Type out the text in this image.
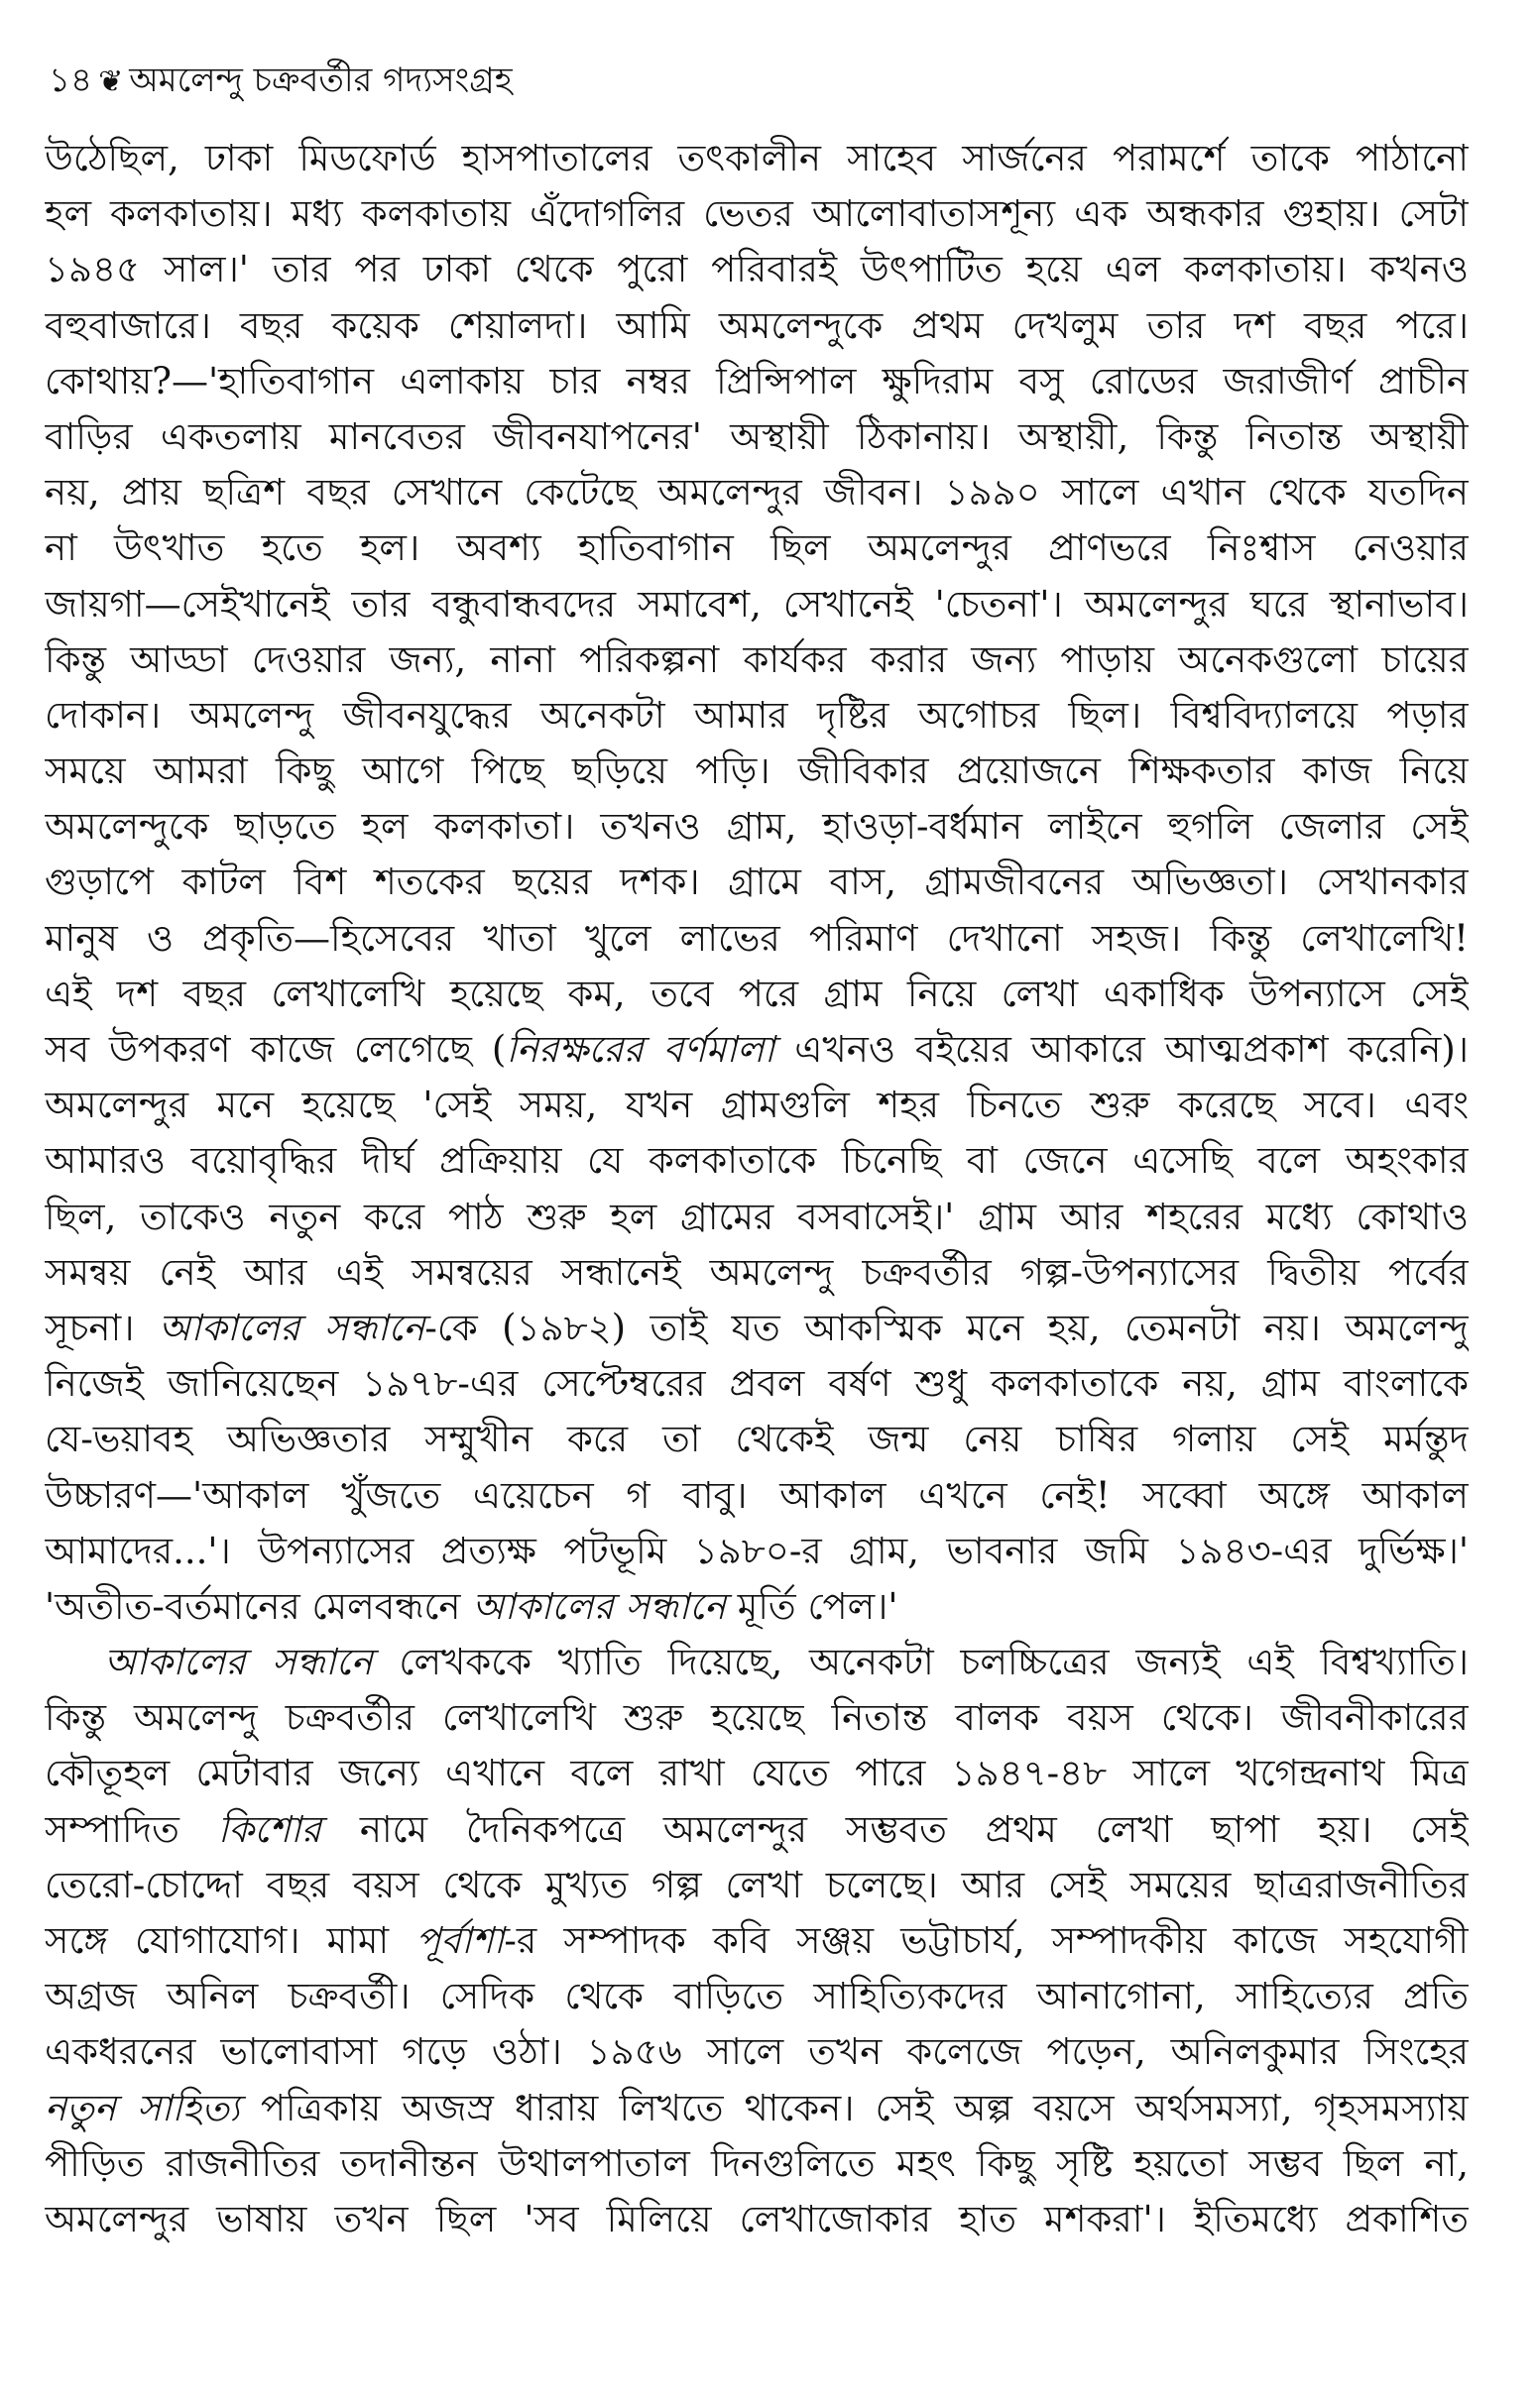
১৪ ❦ অমলেন্দু চক্রবর্তীর গদ্যসংগ্রহ
উঠেছিল, ঢাকা মিডফোর্ড হাসপাতালের তৎকালীন সাহেব সার্জনের পরামর্শে তাকে পাঠানো
হল কলকাতায়। মধ্য কলকাতায় এঁদোগলির ভেতর আলোবাতাসশূন্য এক অন্ধকার গুহায়। সেটা
১৯৪৫ সাল।' তার পর ঢাকা থেকে পুরো পরিবারই উৎপাটিত হয়ে এল কলকাতায়। কখনও
বহুবাজারে। বছর কয়েক শেয়ালদা। আমি অমলেন্দুকে প্রথম দেখলুম তার দশ বছর পরে।
কোথায়?—'হাতিবাগান এলাকায় চার নম্বর প্রিন্সিপাল ক্ষুদিরাম বসু রোডের জরাজীর্ণ প্রাচীন
বাড়ির একতলায় মানবেতর জীবনযাপনের' অস্থায়ী ঠিকানায়। অস্থায়ী, কিন্তু নিতান্ত অস্থায়ী
নয়, প্রায় ছত্রিশ বছর সেখানে কেটেছে অমলেন্দুর জীবন। ১৯৯০ সালে এখান থেকে যতদিন
না উৎখাত হতে হল। অবশ্য হাতিবাগান ছিল অমলেন্দুর প্রাণভরে নিঃশ্বাস নেওয়ার
জায়গা—সেইখানেই তার বন্ধুবান্ধবদের সমাবেশ, সেখানেই 'চেতনা'। অমলেন্দুর ঘরে স্থানাভাব।
কিন্তু আড্ডা দেওয়ার জন্য, নানা পরিকল্পনা কার্যকর করার জন্য পাড়ায় অনেকগুলো চায়ের
দোকান। অমলেন্দু জীবনযুদ্ধের অনেকটা আমার দৃষ্টির অগোচর ছিল। বিশ্ববিদ্যালয়ে পড়ার
সময়ে আমরা কিছু আগে পিছে ছড়িয়ে পড়ি। জীবিকার প্রয়োজনে শিক্ষকতার কাজ নিয়ে
অমলেন্দুকে ছাড়তে হল কলকাতা। তখনও গ্রাম, হাওড়া-বর্ধমান লাইনে হুগলি জেলার সেই
গুড়াপে কাটল বিশ শতকের ছয়ের দশক। গ্রামে বাস, গ্রামজীবনের অভিজ্ঞতা। সেখানকার
মানুষ ও প্রকৃতি—হিসেবের খাতা খুলে লাভের পরিমাণ দেখানো সহজ। কিন্তু লেখালেখি!
এই দশ বছর লেখালেখি হয়েছে কম, তবে পরে গ্রাম নিয়ে লেখা একাধিক উপন্যাসে সেই
সব উপকরণ কাজে লেগেছে (নিরক্ষরের বর্ণমালা এখনও বইয়ের আকারে আত্মপ্রকাশ করেনি)।
অমলেন্দুর মনে হয়েছে 'সেই সময়, যখন গ্রামগুলি শহর চিনতে শুরু করেছে সবে। এবং
আমারও বয়োবৃদ্ধির দীর্ঘ প্রক্রিয়ায় যে কলকাতাকে চিনেছি বা জেনে এসেছি বলে অহংকার
ছিল, তাকেও নতুন করে পাঠ শুরু হল গ্রামের বসবাসেই।' গ্রাম আর শহরের মধ্যে কোথাও
সমন্বয় নেই আর এই সমন্বয়ের সন্ধানেই অমলেন্দু চক্রবর্তীর গল্প-উপন্যাসের দ্বিতীয় পর্বের
সূচনা। আকালের সন্ধানে-কে (১৯৮২) তাই যত আকস্মিক মনে হয়, তেমনটা নয়। অমলেন্দু
নিজেই জানিয়েছেন ১৯৭৮-এর সেপ্টেম্বরের প্রবল বর্ষণ শুধু কলকাতাকে নয়, গ্রাম বাংলাকে
যে-ভয়াবহ অভিজ্ঞতার সম্মুখীন করে তা থেকেই জন্ম নেয় চাষির গলায় সেই মর্মন্তুদ
উচ্চারণ—'আকাল খুঁজতে এয়েচেন গ বাবু। আকাল এখনে নেই! সব্বো অঙ্গে আকাল
আমাদের...'। উপন্যাসের প্রত্যক্ষ পটভূমি ১৯৮০-র গ্রাম, ভাবনার জমি ১৯৪৩-এর দুর্ভিক্ষ।'
'অতীত-বর্তমানের মেলবন্ধনে আকালের সন্ধানে মূর্তি পেল।'
আকালের সন্ধানে লেখককে খ্যাতি দিয়েছে, অনেকটা চলচ্চিত্রের জন্যই এই বিশ্বখ্যাতি।
কিন্তু অমলেন্দু চক্রবর্তীর লেখালেখি শুরু হয়েছে নিতান্ত বালক বয়স থেকে। জীবনীকারের
কৌতূহল মেটাবার জন্যে এখানে বলে রাখা যেতে পারে ১৯৪৭-৪৮ সালে খগেন্দ্রনাথ মিত্র
সম্পাদিত কিশোর নামে দৈনিকপত্রে অমলেন্দুর সম্ভবত প্রথম লেখা ছাপা হয়। সেই
তেরো-চোদ্দো বছর বয়স থেকে মুখ্যত গল্প লেখা চলেছে। আর সেই সময়ের ছাত্ররাজনীতির
সঙ্গে যোগাযোগ। মামা পূর্বাশা-র সম্পাদক কবি সঞ্জয় ভট্টাচার্য, সম্পাদকীয় কাজে সহযোগী
অগ্রজ অনিল চক্রবর্তী। সেদিক থেকে বাড়িতে সাহিত্যিকদের আনাগোনা, সাহিত্যের প্রতি
একধরনের ভালোবাসা গড়ে ওঠা। ১৯৫৬ সালে তখন কলেজে পড়েন, অনিলকুমার সিংহের
নতুন সাহিত্য পত্রিকায় অজস্র ধারায় লিখতে থাকেন। সেই অল্প বয়সে অর্থসমস্যা, গৃহসমস্যায়
পীড়িত রাজনীতির তদানীন্তন উথালপাতাল দিনগুলিতে মহৎ কিছু সৃষ্টি হয়তো সম্ভব ছিল না,
অমলেন্দুর ভাষায় তখন ছিল 'সব মিলিয়ে লেখাজোকার হাত মশকরা'। ইতিমধ্যে প্রকাশিত
